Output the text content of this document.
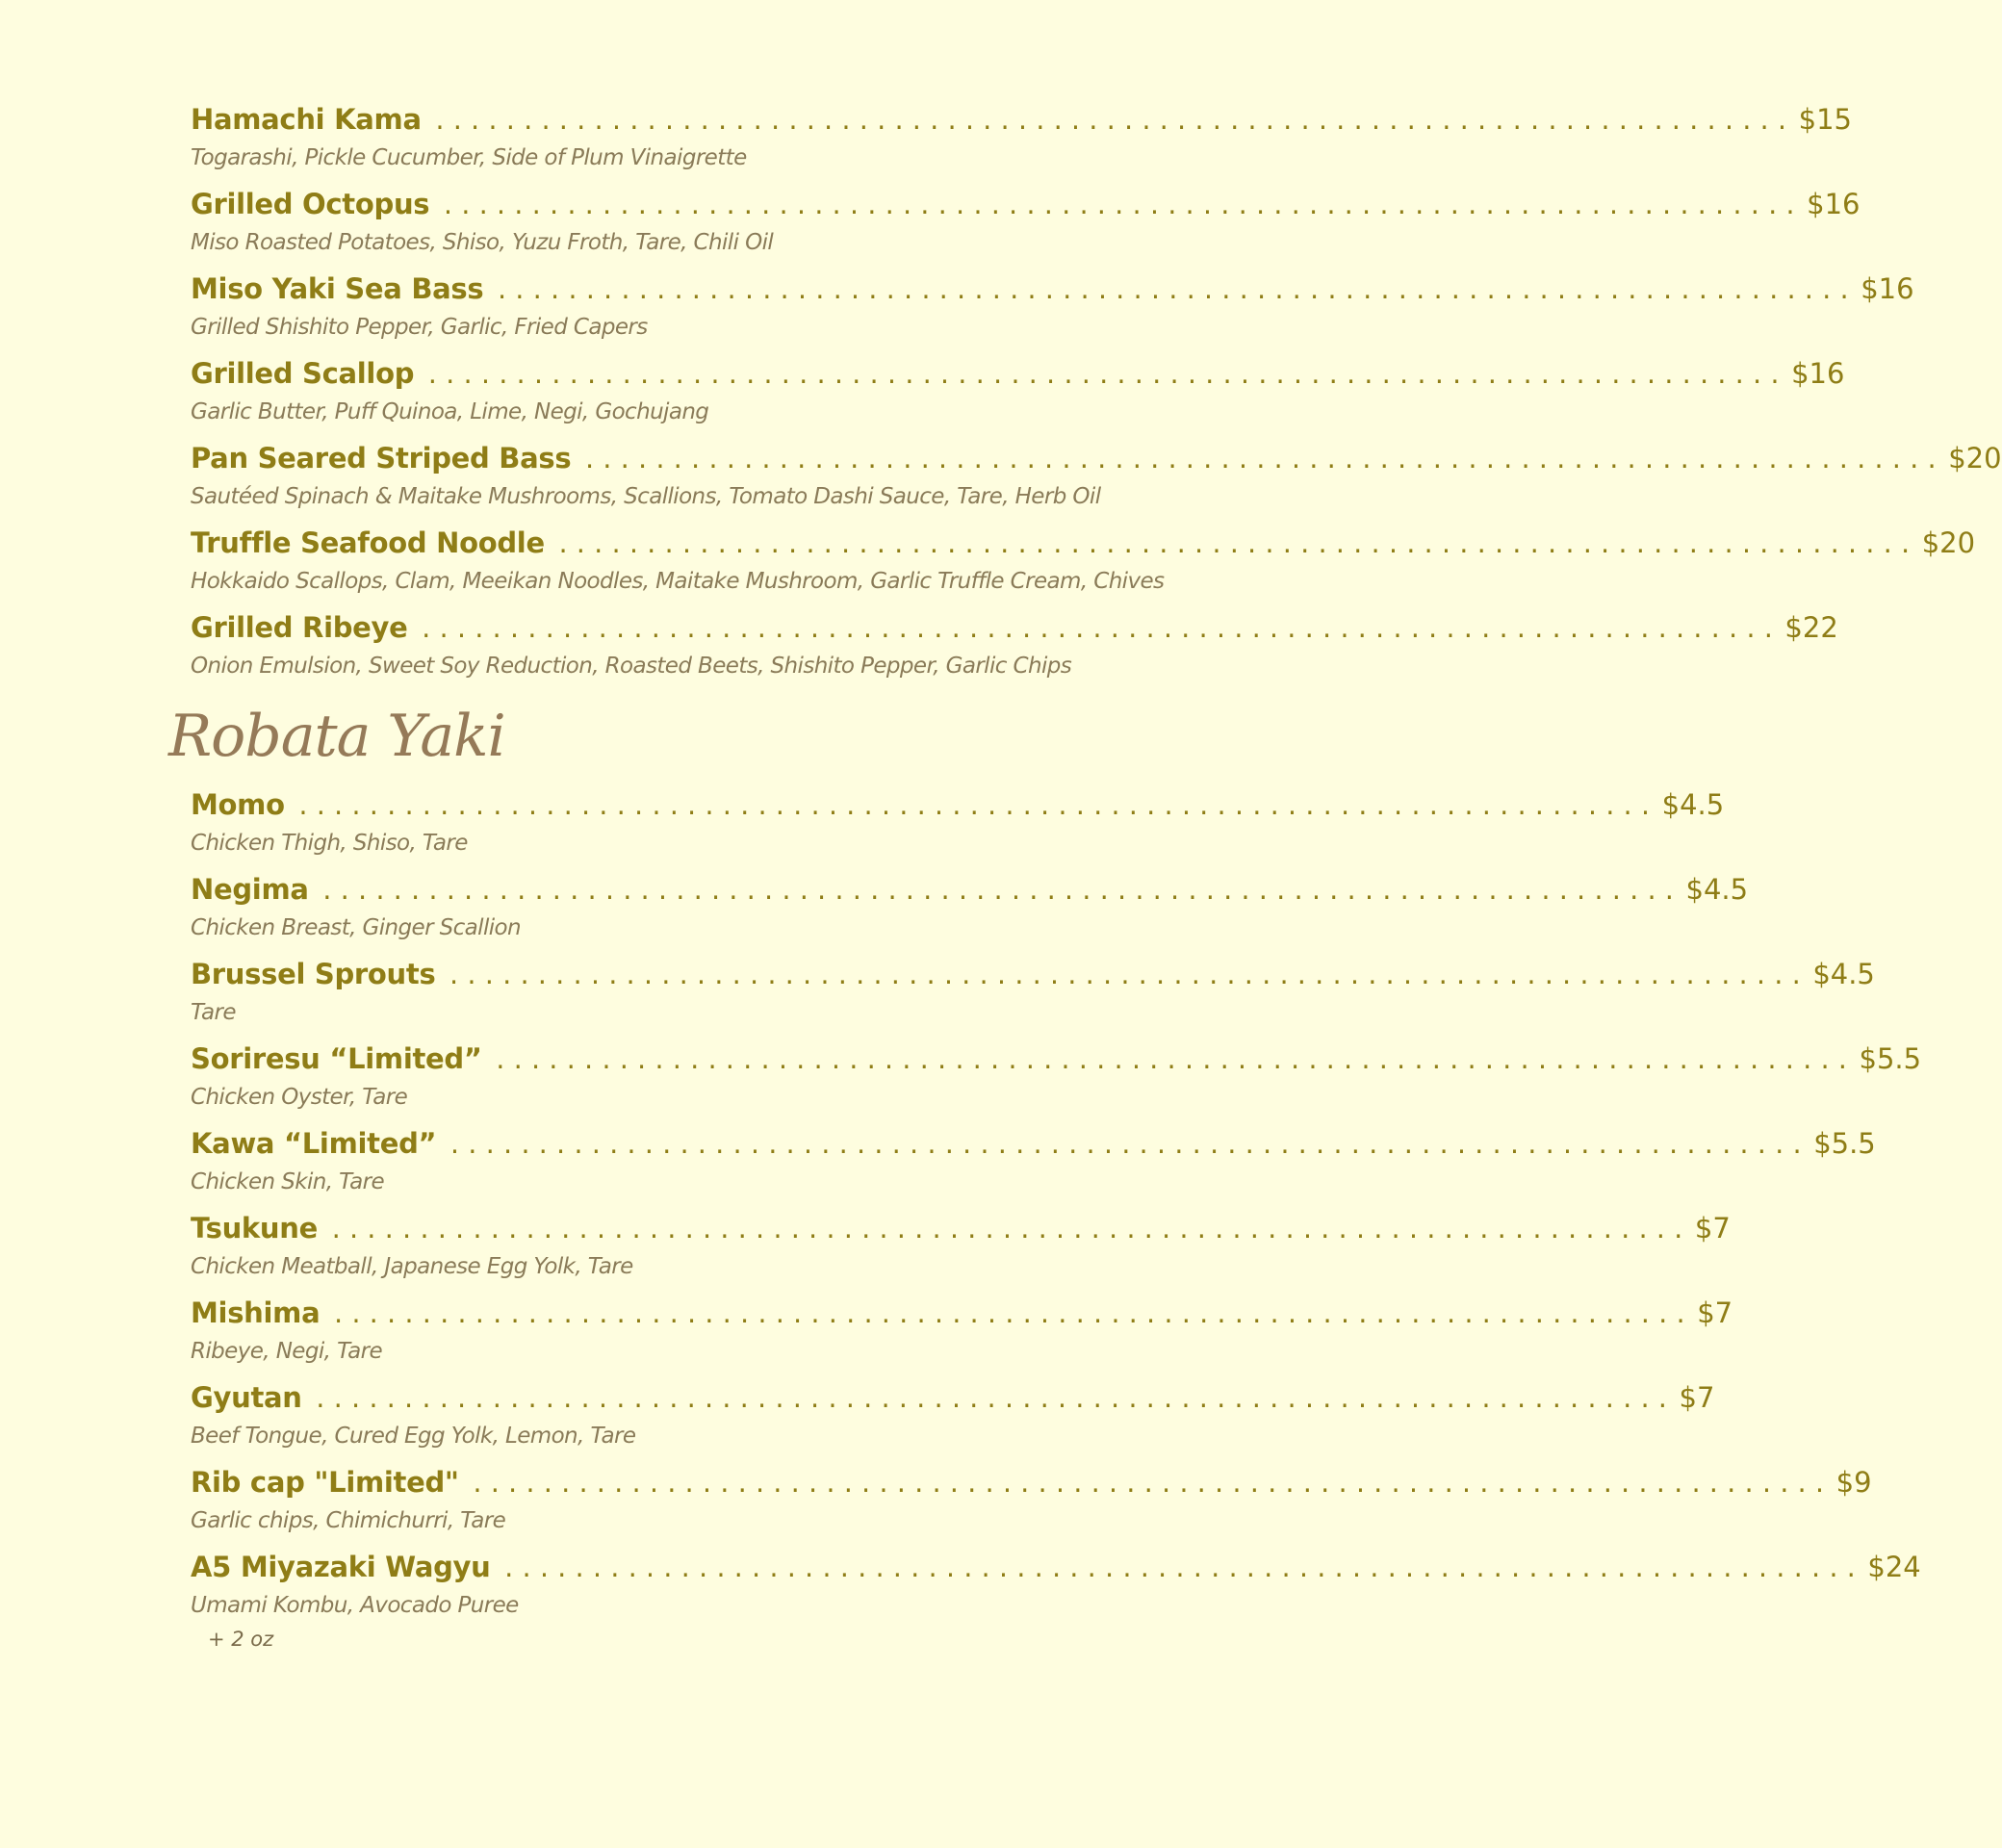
Hamachi Kama ............................................................................. $15
Togarashi, Pickle Cucumber, Side of Plum Vinaigrette
Grilled Octopus ............................................................................. $16
Miso Roasted Potatoes, Shiso, Yuzu Froth, Tare, Chili Oil
Miso Yaki Sea Bass ............................................................................. $16
Grilled Shishito Pepper, Garlic, Fried Capers
Grilled Scallop ............................................................................. $16
Garlic Butter, Puff Quinoa, Lime, Negi, Gochujang
Pan Seared Striped Bass ............................................................................. $20
Sautéed Spinach & Maitake Mushrooms, Scallions, Tomato Dashi Sauce, Tare, Herb Oil
Truffle Seafood Noodle ............................................................................. $20
Hokkaido Scallops, Clam, Meeikan Noodles, Maitake Mushroom, Garlic Truffle Cream, Chives
Grilled Ribeye ............................................................................. $22
Onion Emulsion, Sweet Soy Reduction, Roasted Beets, Shishito Pepper, Garlic Chips
Robata Yaki
Momo ............................................................................. $4.5
Chicken Thigh, Shiso, Tare
Negima ............................................................................. $4.5
Chicken Breast, Ginger Scallion
Brussel Sprouts ............................................................................. $4.5
Tare
Soriresu “Limited” ............................................................................. $5.5
Chicken Oyster, Tare
Kawa “Limited” ............................................................................. $5.5
Chicken Skin, Tare
Tsukune ............................................................................. $7
Chicken Meatball, Japanese Egg Yolk, Tare
Mishima ............................................................................. $7
Ribeye, Negi, Tare
Gyutan ............................................................................. $7
Beef Tongue, Cured Egg Yolk, Lemon, Tare
Rib cap "Limited" ............................................................................. $9
Garlic chips, Chimichurri, Tare
A5 Miyazaki Wagyu ............................................................................. $24
Umami Kombu, Avocado Puree
+ 2 oz
